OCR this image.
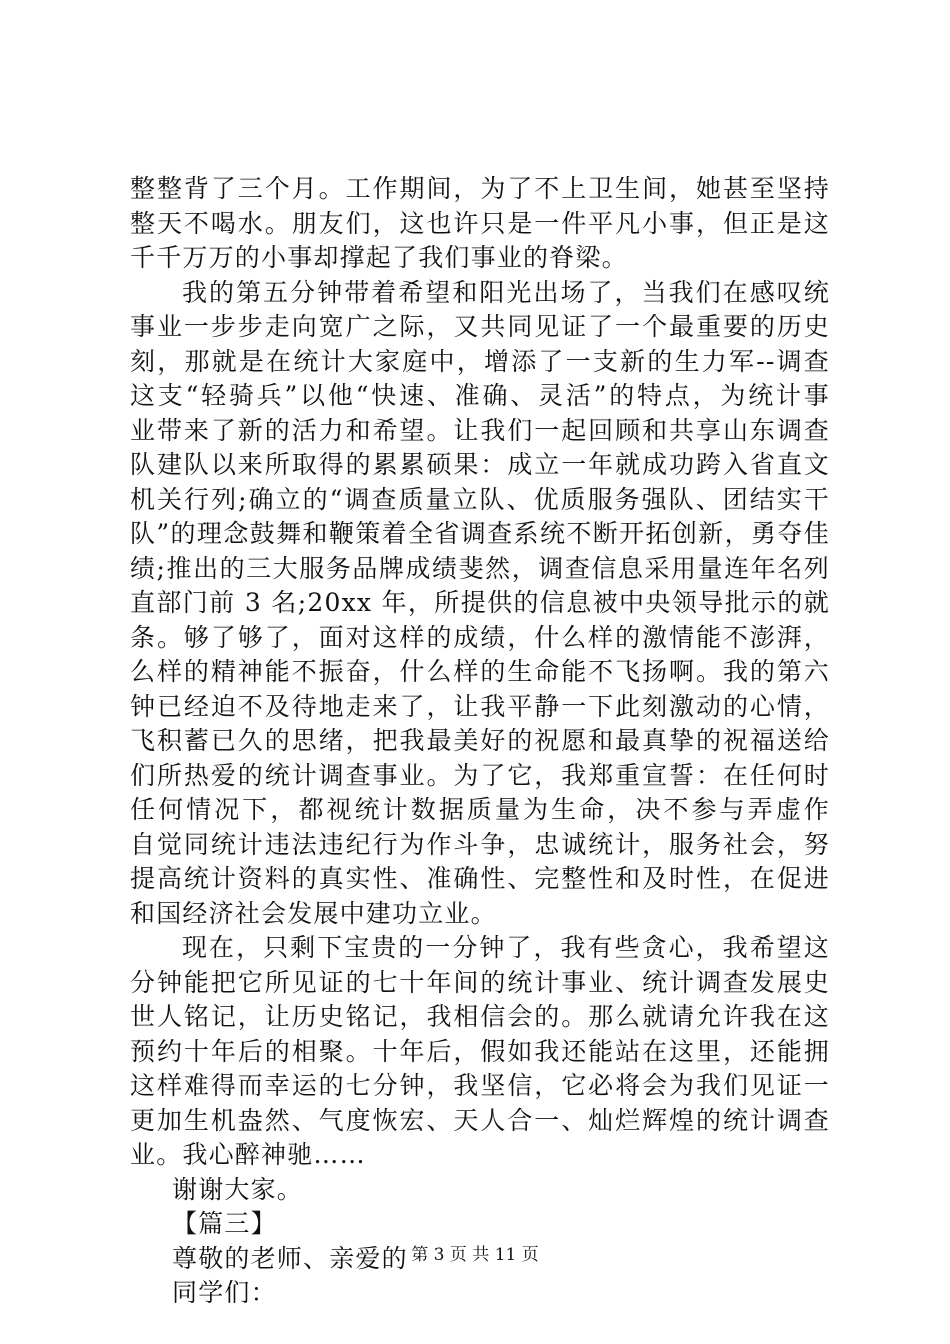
整整背了三个月。工作期间，为了不上卫生间，她甚至坚持
整天不喝水。朋友们，这也许只是一件平凡小事，但正是这
千千万万的小事却撑起了我们事业的脊梁。
我的第五分钟带着希望和阳光出场了，当我们在感叹统
事业一步步走向宽广之际，又共同见证了一个最重要的历史
刻，那就是在统计大家庭中，增添了一支新的生力军--调查
这支“轻骑兵”以他“快速、准确、灵活”的特点，为统计事
业带来了新的活力和希望。让我们一起回顾和共享山东调查
队建队以来所取得的累累硕果：成立一年就成功跨入省直文
机关行列;确立的“调查质量立队、优质服务强队、团结实干
队”的理念鼓舞和鞭策着全省调查系统不断开拓创新，勇夺佳
绩;推出的三大服务品牌成绩斐然，调查信息采用量连年名列
直部门前 3 名;20xx 年，所提供的信息被中央领导批示的就
条。够了够了，面对这样的成绩，什么样的激情能不澎湃，
么样的精神能不振奋，什么样的生命能不飞扬啊。我的第六
钟已经迫不及待地走来了，让我平静一下此刻激动的心情，
飞积蓄已久的思绪，把我最美好的祝愿和最真挚的祝福送给
们所热爱的统计调查事业。为了它，我郑重宣誓：在任何时
任何情况下，都视统计数据质量为生命，决不参与弄虚作
自觉同统计违法违纪行为作斗争，忠诚统计，服务社会，努
提高统计资料的真实性、准确性、完整性和及时性，在促进
和国经济社会发展中建功立业。
现在，只剩下宝贵的一分钟了，我有些贪心，我希望这
分钟能把它所见证的七十年间的统计事业、统计调查发展史
世人铭记，让历史铭记，我相信会的。那么就请允许我在这
预约十年后的相聚。十年后，假如我还能站在这里，还能拥
这样难得而幸运的七分钟，我坚信，它必将会为我们见证一
更加生机盎然、气度恢宏、天人合一、灿烂辉煌的统计调查
业。我心醉神驰……
谢谢大家。
【篇三】
尊敬的老师、亲爱的
同学们：
第 3 页 共 11 页
